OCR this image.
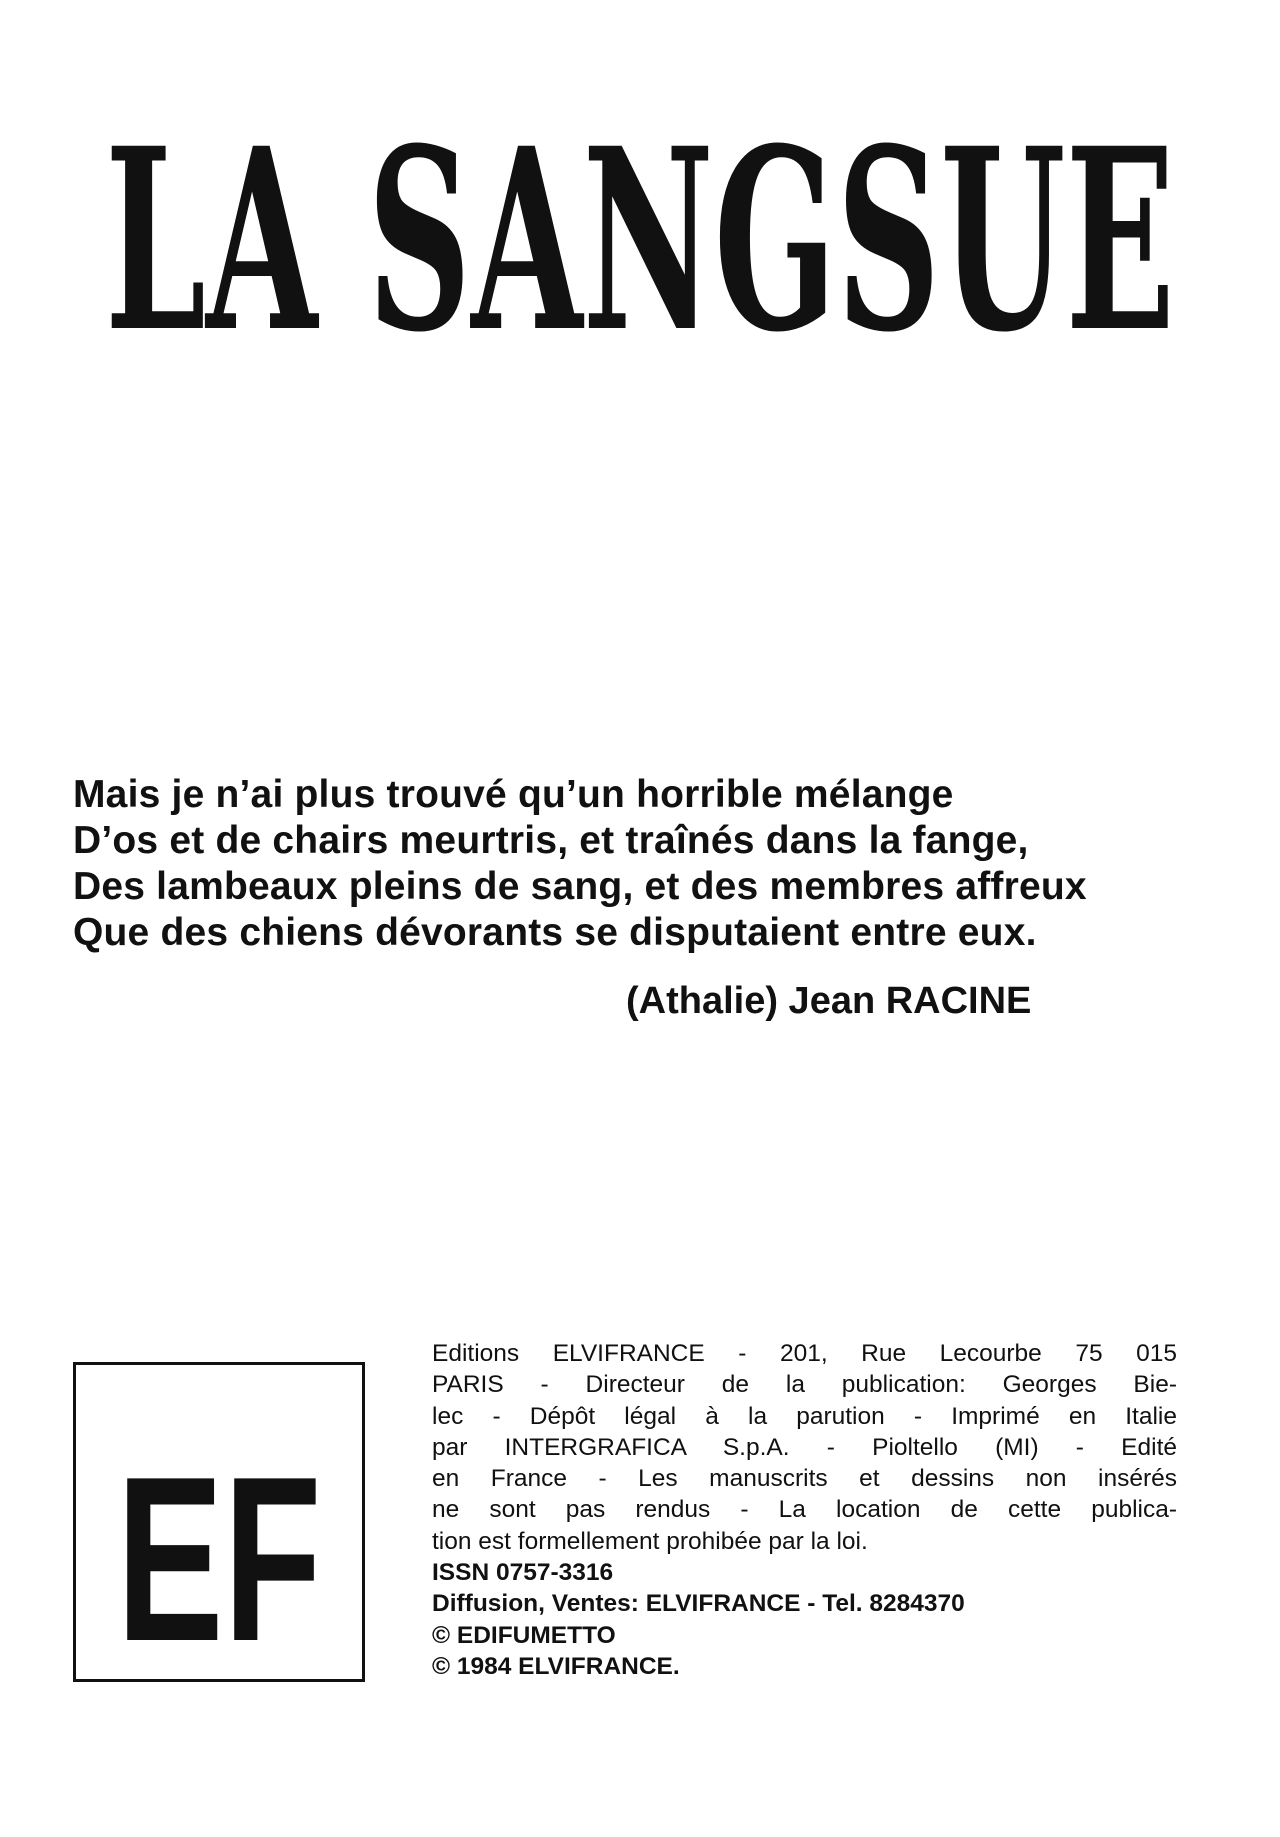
LA SANGSUE
Mais je n’ai plus trouvé qu’un horrible mélange
D’os et de chairs meurtris, et traînés dans la fange,
Des lambeaux pleins de sang, et des membres affreux
Que des chiens dévorants se disputaient entre eux.

(Athalie) Jean RACINE

EF
Editions ELVIFRANCE - 201, Rue Lecourbe 75 015
PARIS - Directeur de la publication: Georges Bie-
lec - Dépôt légal à la parution - Imprimé en Italie
par INTERGRAFICA S.p.A. - Pioltello (MI) - Edité
en France - Les manuscrits et dessins non insérés
ne sont pas rendus - La location de cette publica-
tion est formellement prohibée par la loi.
ISSN 0757-3316
Diffusion, Ventes: ELVIFRANCE - Tel. 8284370
© EDIFUMETTO
© 1984 ELVIFRANCE.
